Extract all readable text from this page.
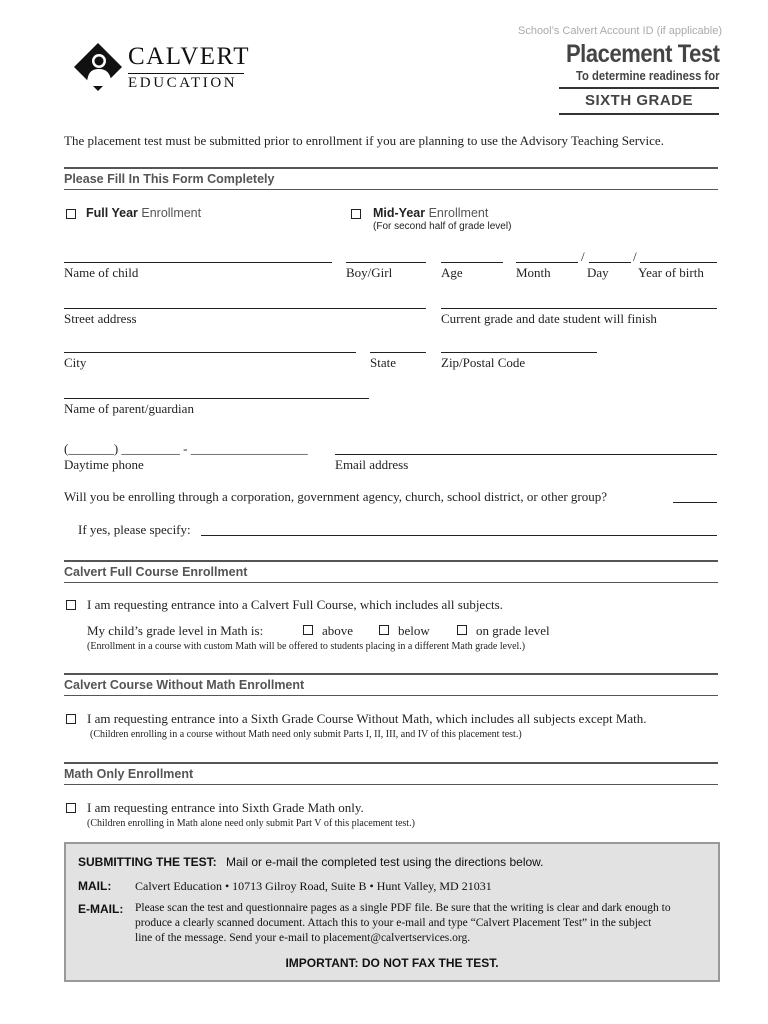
School’s Calvert Account ID (if applicable)
Placement Test
To determine readiness for
SIXTH GRADE
CALVERT
EDUCATION
The placement test must be submitted prior to enrollment if you are planning to use the Advisory Teaching Service.
Please Fill In This Form Completely
Full Year Enrollment	Mid-Year Enrollment
(For second half of grade level)
/	/
Name of child	Boy/Girl	Age	Month	Day Year of birth
Street address	Current grade and date student will finish
City	State	Zip/Postal Code
Name of parent/guardian
(_______) _________ - __________________
Daytime phone	Email address
Will you be enrolling through a corporation, government agency, church, school district, or other group?
If yes, please specify:
Calvert Full Course Enrollment
I am requesting entrance into a Calvert Full Course, which includes all subjects.
My child’s grade level in Math is:	above	below	on grade level
(Enrollment in a course with custom Math will be offered to students placing in a different Math grade level.)
Calvert Course Without Math Enrollment
I am requesting entrance into a Sixth Grade Course Without Math, which includes all subjects except Math.
(Children enrolling in a course without Math need only submit Parts I, II, III, and IV of this placement test.)
Math Only Enrollment
I am requesting entrance into Sixth Grade Math only.
(Children enrolling in Math alone need only submit Part V of this placement test.)
SUBMITTING THE TEST: Mail or e-mail the completed test using the directions below.
MAIL: Calvert Education • 10713 Gilroy Road, Suite B • Hunt Valley, MD 21031
E-MAIL: Please scan the test and questionnaire pages as a single PDF file. Be sure that the writing is clear and dark enough to
produce a clearly scanned document. Attach this to your e-mail and type “Calvert Placement Test” in the subject
line of the message. Send your e-mail to placement@calvertservices.org.
IMPORTANT: DO NOT FAX THE TEST.
